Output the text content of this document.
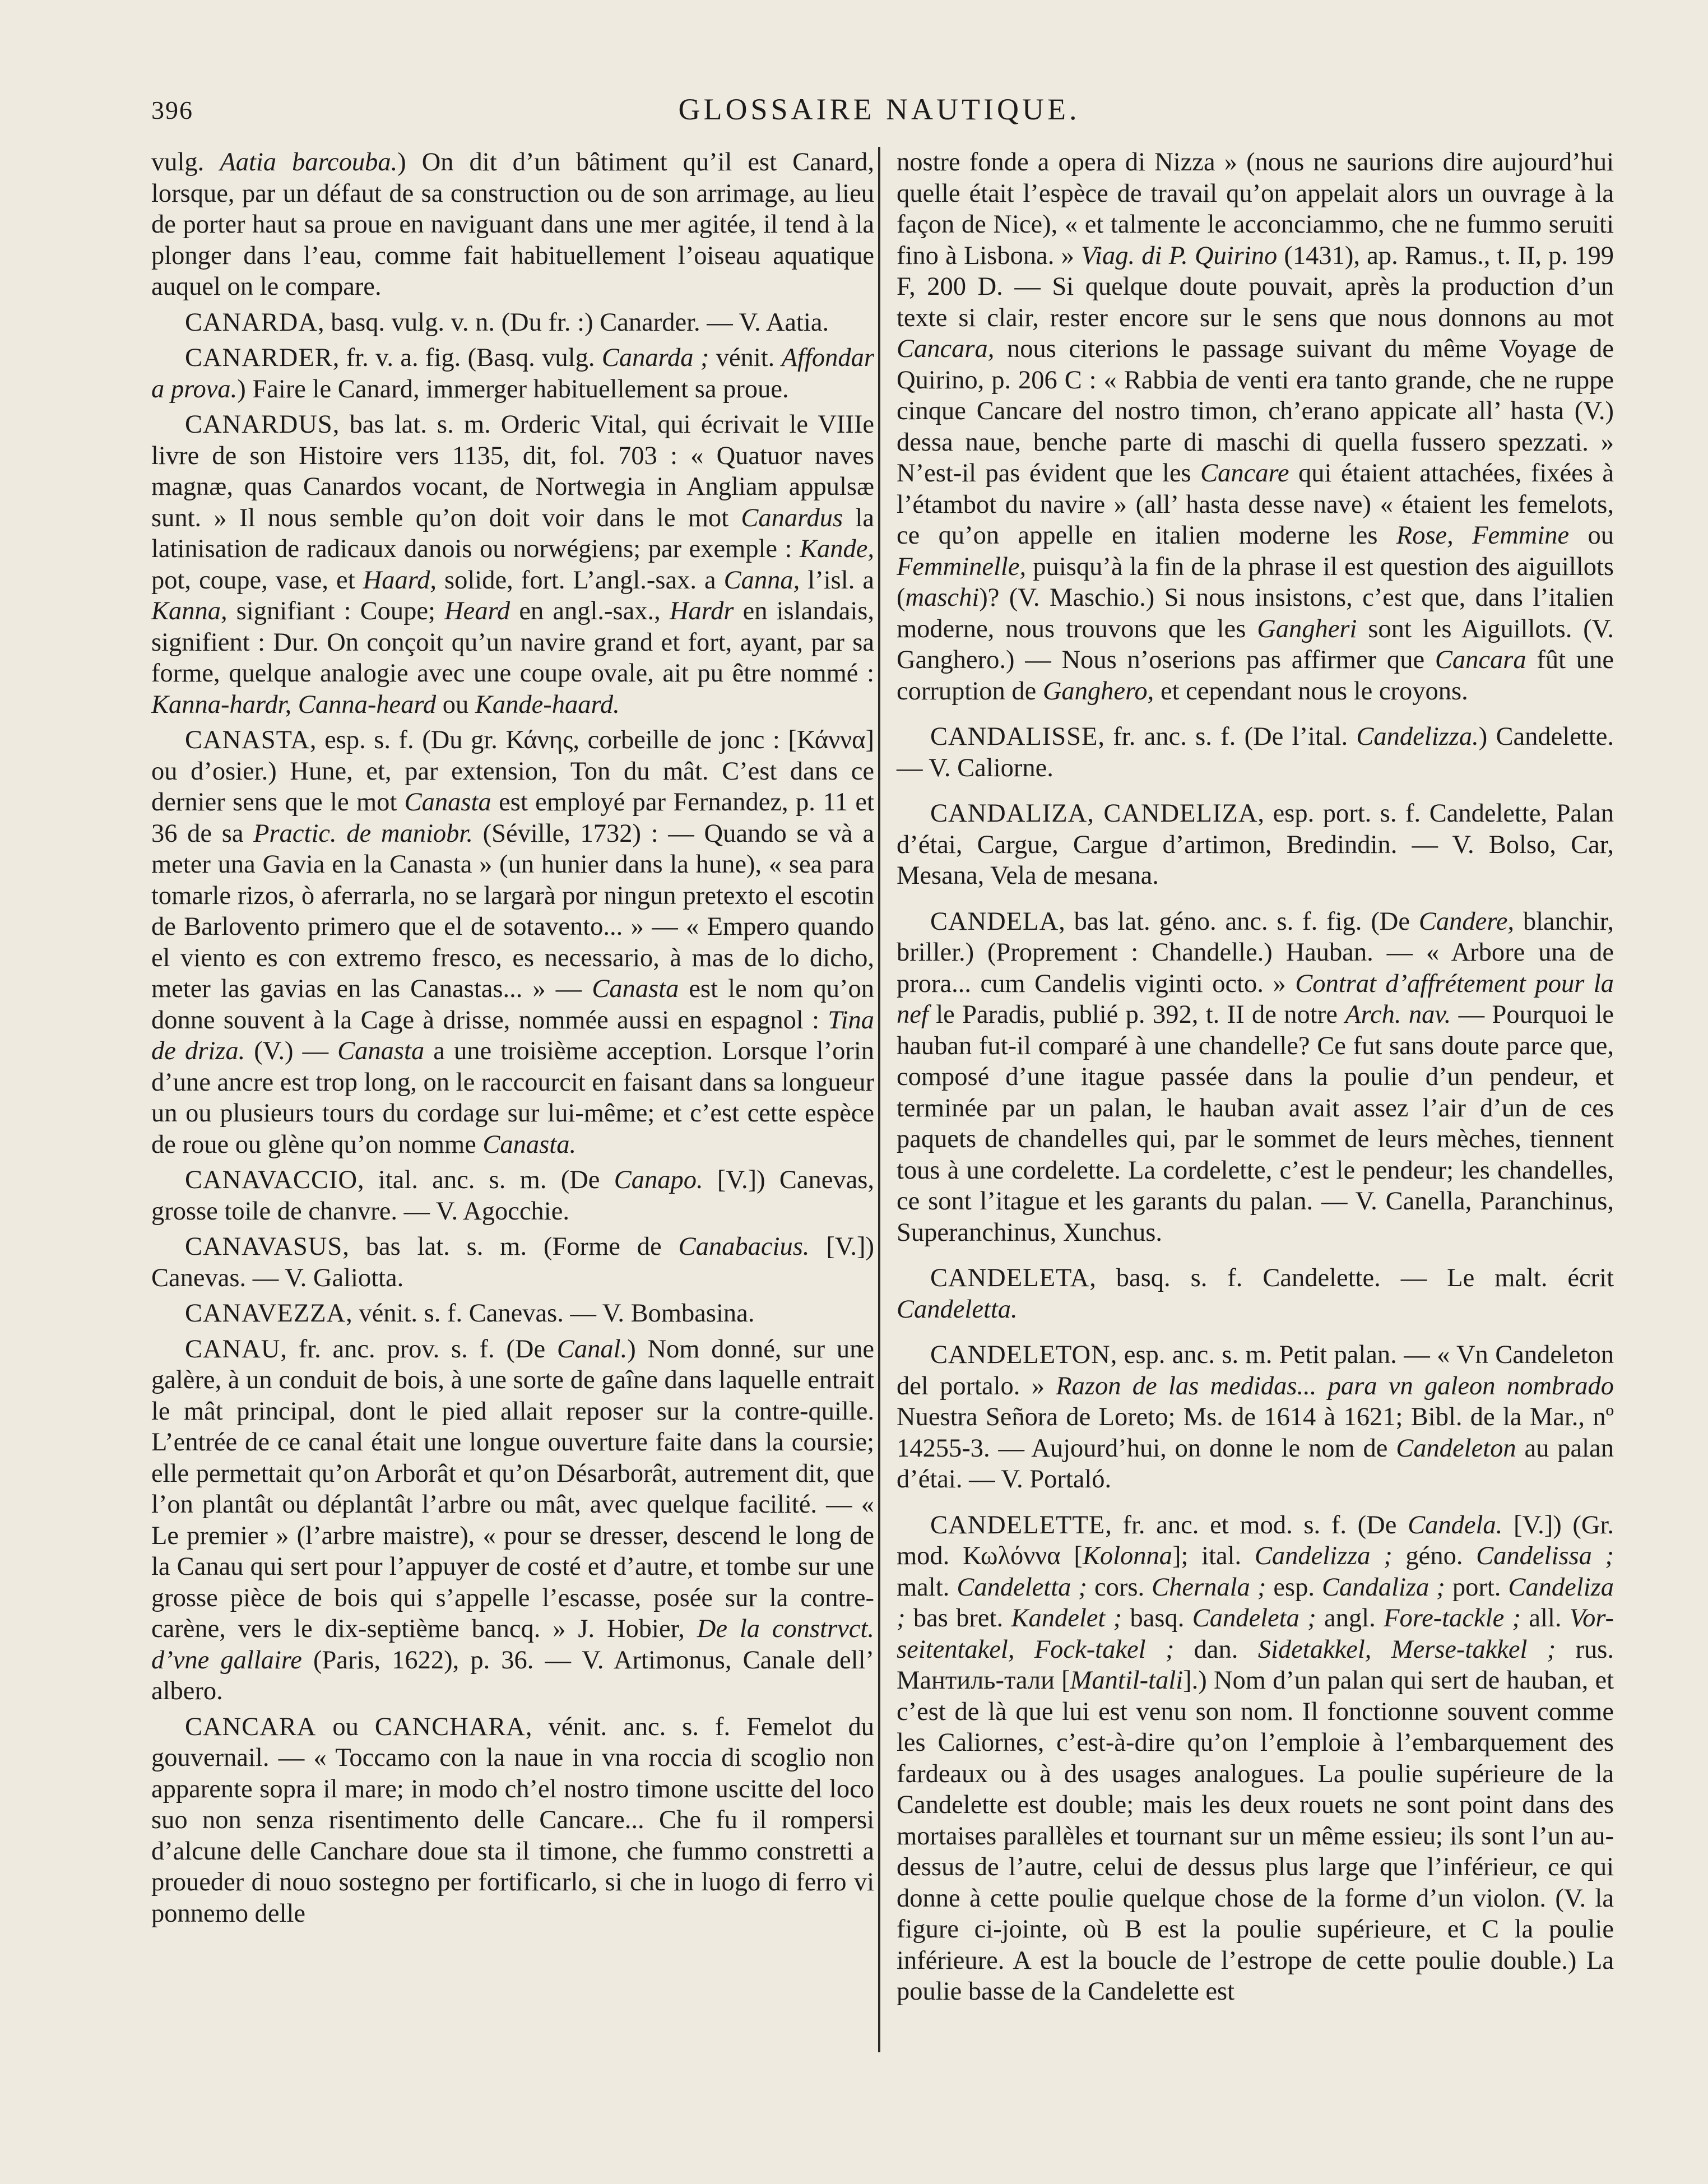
396	GLOSSAIRE NAUTIQUE.

vulg. Aatia barcouba.) On dit d’un bâtiment qu’il est Canard, lorsque, par un défaut de sa construction ou de son arrimage, au lieu de porter haut sa proue en naviguant dans une mer agitée, il tend à la plonger dans l’eau, comme fait habituellement l’oiseau aquatique auquel on le compare.

CANARDA, basq. vulg. v. n. (Du fr. :) Canarder. — V. Aatia.

CANARDER, fr. v. a. fig. (Basq. vulg. Canarda ; vénit. Affondar a prova.) Faire le Canard, immerger habituellement sa proue.

CANARDUS, bas lat. s. m. Orderic Vital, qui écrivait le VIIIe livre de son Histoire vers 1135, dit, fol. 703 : « Quatuor naves magnæ, quas Canardos vocant, de Nortwegia in Angliam appulsæ sunt. » Il nous semble qu’on doit voir dans le mot Canardus la latinisation de radicaux danois ou norwégiens; par exemple : Kande, pot, coupe, vase, et Haard, solide, fort. L’angl.-sax. a Canna, l’isl. a Kanna, signifiant : Coupe; Heard en angl.-sax., Hardr en islandais, signifient : Dur. On conçoit qu’un navire grand et fort, ayant, par sa forme, quelque analogie avec une coupe ovale, ait pu être nommé : Kanna-hardr, Canna-heard ou Kande-haard.

CANASTA, esp. s. f. (Du gr. Κάνης, corbeille de jonc : [Κάννα] ou d’osier.) Hune, et, par extension, Ton du mât. C’est dans ce dernier sens que le mot Canasta est employé par Fernandez, p. 11 et 36 de sa Practic. de maniobr. (Séville, 1732) : — Quando se và a meter una Gavia en la Canasta » (un hunier dans la hune), « sea para tomarle rizos, ò aferrarla, no se largarà por ningun pretexto el escotin de Barlovento primero que el de sotavento... » — « Empero quando el viento es con extremo fresco, es necessario, à mas de lo dicho, meter las gavias en las Canastas... » — Canasta est le nom qu’on donne souvent à la Cage à drisse, nommée aussi en espagnol : Tina de driza. (V.) — Canasta a une troisième acception. Lorsque l’orin d’une ancre est trop long, on le raccourcit en faisant dans sa longueur un ou plusieurs tours du cordage sur lui-même; et c’est cette espèce de roue ou glène qu’on nomme Canasta.

CANAVACCIO, ital. anc. s. m. (De Canapo. [V.]) Canevas, grosse toile de chanvre. — V. Agocchie.

CANAVASUS, bas lat. s. m. (Forme de Canabacius. [V.]) Canevas. — V. Galiotta.

CANAVEZZA, vénit. s. f. Canevas. — V. Bombasina.

CANAU, fr. anc. prov. s. f. (De Canal.) Nom donné, sur une galère, à un conduit de bois, à une sorte de gaîne dans laquelle entrait le mât principal, dont le pied allait reposer sur la contre-quille. L’entrée de ce canal était une longue ouverture faite dans la coursie; elle permettait qu’on Arborât et qu’on Désarborât, autrement dit, que l’on plantât ou déplantât l’arbre ou mât, avec quelque facilité. — « Le premier » (l’arbre maistre), « pour se dresser, descend le long de la Canau qui sert pour l’appuyer de costé et d’autre, et tombe sur une grosse pièce de bois qui s’appelle l’escasse, posée sur la contre-carène, vers le dix-septième bancq. » J. Hobier, De la constrvct. d’vne gallaire (Paris, 1622), p. 36. — V. Artimonus, Canale dell’ albero.

CANCARA ou CANCHARA, vénit. anc. s. f. Femelot du gouvernail. — « Toccamo con la naue in vna roccia di scoglio non apparente sopra il mare; in modo ch’el nostro timone uscitte del loco suo non senza risentimento delle Cancare... Che fu il rompersi d’alcune delle Canchare doue sta il timone, che fummo constretti a proueder di nouo sostegno per fortificarlo, si che in luogo di ferro vi ponnemo delle

nostre fonde a opera di Nizza » (nous ne saurions dire aujourd’hui quelle était l’espèce de travail qu’on appelait alors un ouvrage à la façon de Nice), « et talmente le acconciammo, che ne fummo seruiti fino à Lisbona. » Viag. di P. Quirino (1431), ap. Ramus., t. II, p. 199 F, 200 D. — Si quelque doute pouvait, après la production d’un texte si clair, rester encore sur le sens que nous donnons au mot Cancara, nous citerions le passage suivant du même Voyage de Quirino, p. 206 C : « Rabbia de venti era tanto grande, che ne ruppe cinque Cancare del nostro timon, ch’erano appicate all’ hasta (V.) dessa naue, benche parte di maschi di quella fussero spezzati. » N’est-il pas évident que les Cancare qui étaient attachées, fixées à l’étambot du navire » (all’ hasta desse nave) « étaient les femelots, ce qu’on appelle en italien moderne les Rose, Femmine ou Femminelle, puisqu’à la fin de la phrase il est question des aiguillots (maschi)? (V. Maschio.) Si nous insistons, c’est que, dans l’italien moderne, nous trouvons que les Gangheri sont les Aiguillots. (V. Ganghero.) — Nous n’oserions pas affirmer que Cancara fût une corruption de Ganghero, et cependant nous le croyons.

CANDALISSE, fr. anc. s. f. (De l’ital. Candelizza.) Candelette. — V. Caliorne.

CANDALIZA, CANDELIZA, esp. port. s. f. Candelette, Palan d’étai, Cargue, Cargue d’artimon, Bredindin. — V. Bolso, Car, Mesana, Vela de mesana.

CANDELA, bas lat. géno. anc. s. f. fig. (De Candere, blanchir, briller.) (Proprement : Chandelle.) Hauban. — « Arbore una de prora... cum Candelis viginti octo. » Contrat d’affrétement pour la nef le Paradis, publié p. 392, t. II de notre Arch. nav. — Pourquoi le hauban fut-il comparé à une chandelle? Ce fut sans doute parce que, composé d’une itague passée dans la poulie d’un pendeur, et terminée par un palan, le hauban avait assez l’air d’un de ces paquets de chandelles qui, par le sommet de leurs mèches, tiennent tous à une cordelette. La cordelette, c’est le pendeur; les chandelles, ce sont l’itague et les garants du palan. — V. Canella, Paranchinus, Superanchinus, Xunchus.

CANDELETA, basq. s. f. Candelette. — Le malt. écrit Candeletta.

CANDELETON, esp. anc. s. m. Petit palan. — « Vn Candeleton del portalo. » Razon de las medidas... para vn galeon nombrado Nuestra Señora de Loreto; Ms. de 1614 à 1621; Bibl. de la Mar., nº 14255-3. — Aujourd’hui, on donne le nom de Candeleton au palan d’étai. — V. Portaló.

CANDELETTE, fr. anc. et mod. s. f. (De Candela. [V.]) (Gr. mod. Κωλόννα [Kolonna]; ital. Candelizza ; géno. Candelissa ; malt. Candeletta ; cors. Chernala ; esp. Candaliza ; port. Candeliza ; bas bret. Kandelet ; basq. Candeleta ; angl. Fore-tackle ; all. Vor-seitentakel, Fock-takel ; dan. Sidetakkel, Merse-takkel ; rus. Мантиль-тали [Mantil-tali].) Nom d’un palan qui sert de hauban, et c’est de là que lui est venu son nom. Il fonctionne souvent comme les Caliornes, c’est-à-dire qu’on l’emploie à l’embarquement des fardeaux ou à des usages analogues. La poulie supérieure de la Candelette est double; mais les deux rouets ne sont point dans des mortaises parallèles et tournant sur un même essieu; ils sont l’un au-dessus de l’autre, celui de dessus plus large que l’inférieur, ce qui donne à cette poulie quelque chose de la forme d’un violon. (V. la figure ci-jointe, où B est la poulie supérieure, et C la poulie inférieure. A est la boucle de l’estrope de cette poulie double.) La poulie basse de la Candelette est
